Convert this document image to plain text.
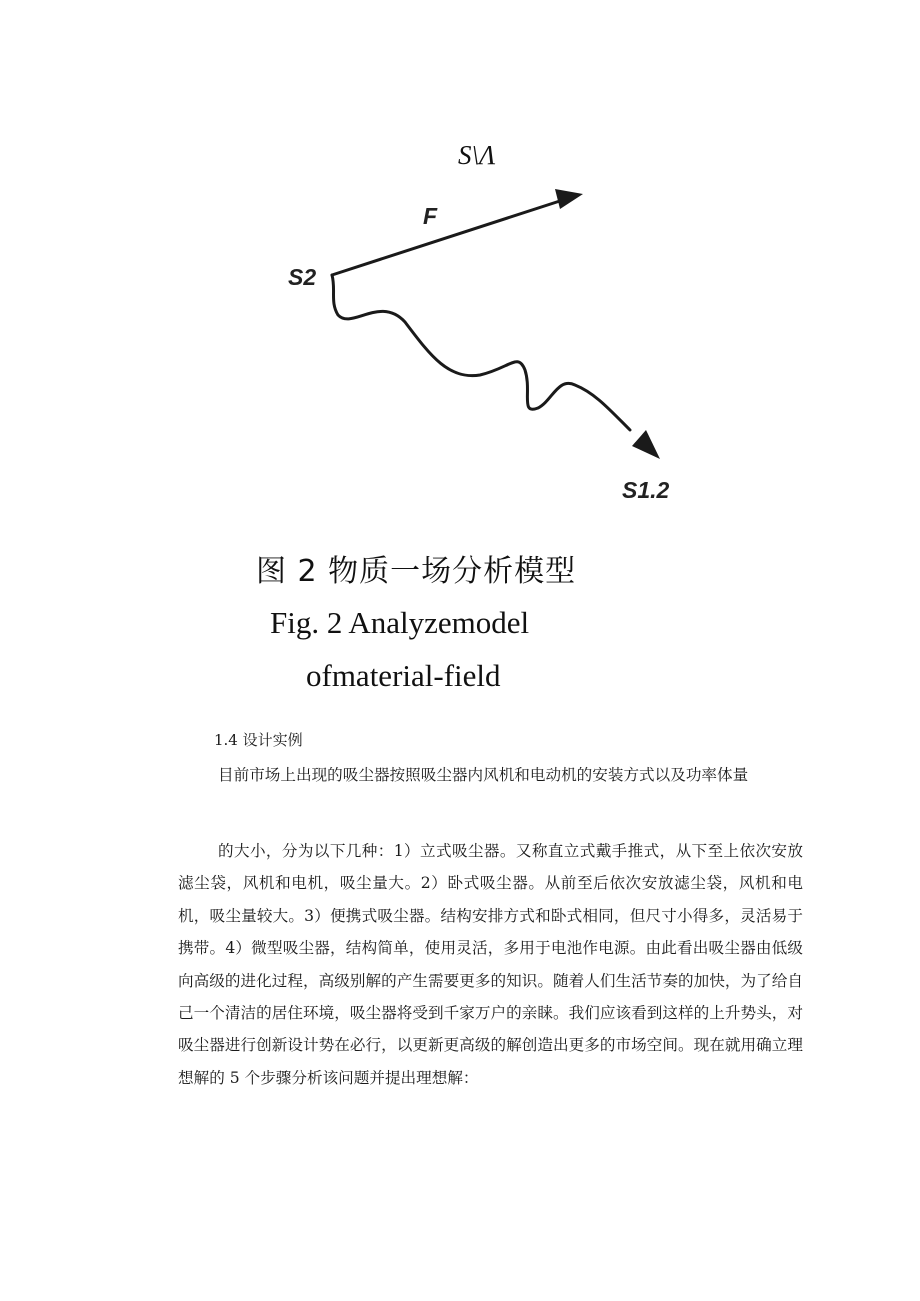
S\Λ
F
S2
S1.2
图 2 物质一场分析模型
Fig. 2 Analyzemodel
ofmaterial-field
1.4 设计实例

目前市场上出现的吸尘器按照吸尘器内风机和电动机的安装方式以及功率体量

的大小，分为以下几种：1）立式吸尘器。又称直立式戴手推式，从下至上依次安放滤尘袋，风机和电机，吸尘量大。2）卧式吸尘器。从前至后依次安放滤尘袋，风机和电机，吸尘量较大。3）便携式吸尘器。结构安排方式和卧式相同，但尺寸小得多，灵活易于携带。4）微型吸尘器，结构简单，使用灵活，多用于电池作电源。由此看出吸尘器由低级向高级的进化过程，高级别解的产生需要更多的知识。随着人们生活节奏的加快，为了给自己一个清洁的居住环境，吸尘器将受到千家万户的亲睐。我们应该看到这样的上升势头，对吸尘器进行创新设计势在必行，以更新更高级的解创造出更多的市场空间。现在就用确立理想解的 5 个步骤分析该问题并提出理想解：
